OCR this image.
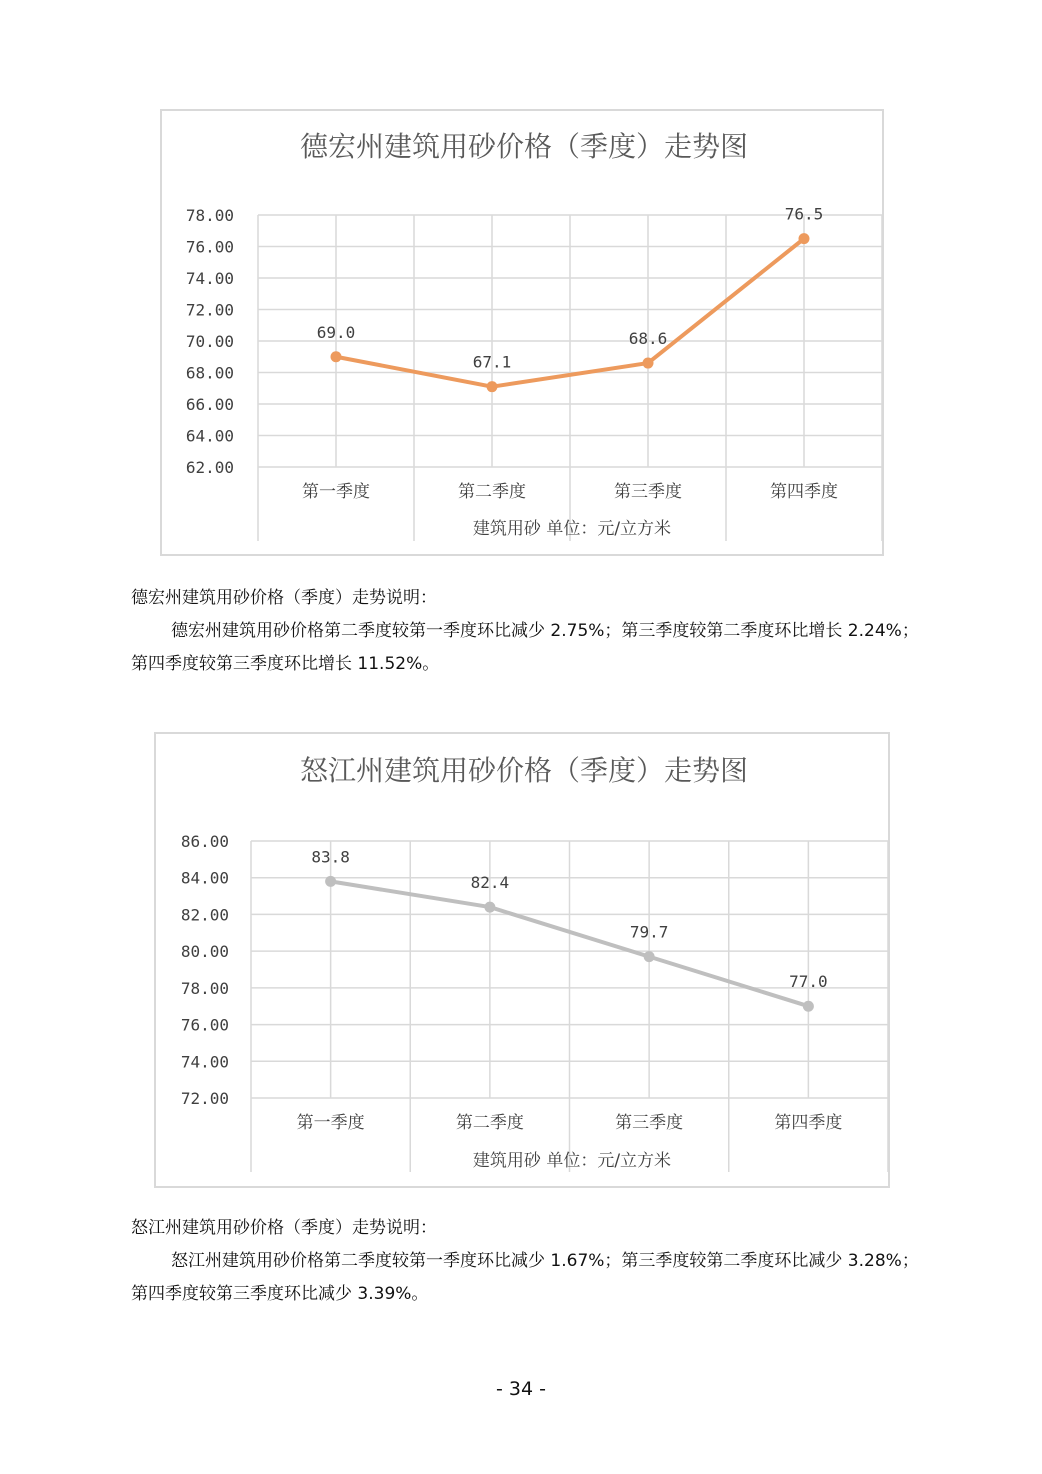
德宏州建筑用砂价格（季度）走势图
62.00
64.00
66.00
68.00
70.00
72.00
74.00
76.00
78.00
第一季度	第二季度	第三季度	第四季度
建筑用砂 单位：元/立方米
69.0
67.1
68.6
76.5

德宏州建筑用砂价格（季度）走势说明：

德宏州建筑用砂价格第二季度较第一季度环比减少 2.75%；第三季度较第二季度环比增长 2.24%；第四季度较第三季度环比增长 11.52%。

怒江州建筑用砂价格（季度）走势图
72.00
74.00
76.00
78.00
80.00
82.00
84.00
86.00
第一季度	第二季度	第三季度	第四季度
建筑用砂 单位：元/立方米
83.8
82.4
79.7
77.0

怒江州建筑用砂价格（季度）走势说明：

怒江州建筑用砂价格第二季度较第一季度环比减少 1.67%；第三季度较第二季度环比减少 3.28%；第四季度较第三季度环比减少 3.39%。

- 34 -
